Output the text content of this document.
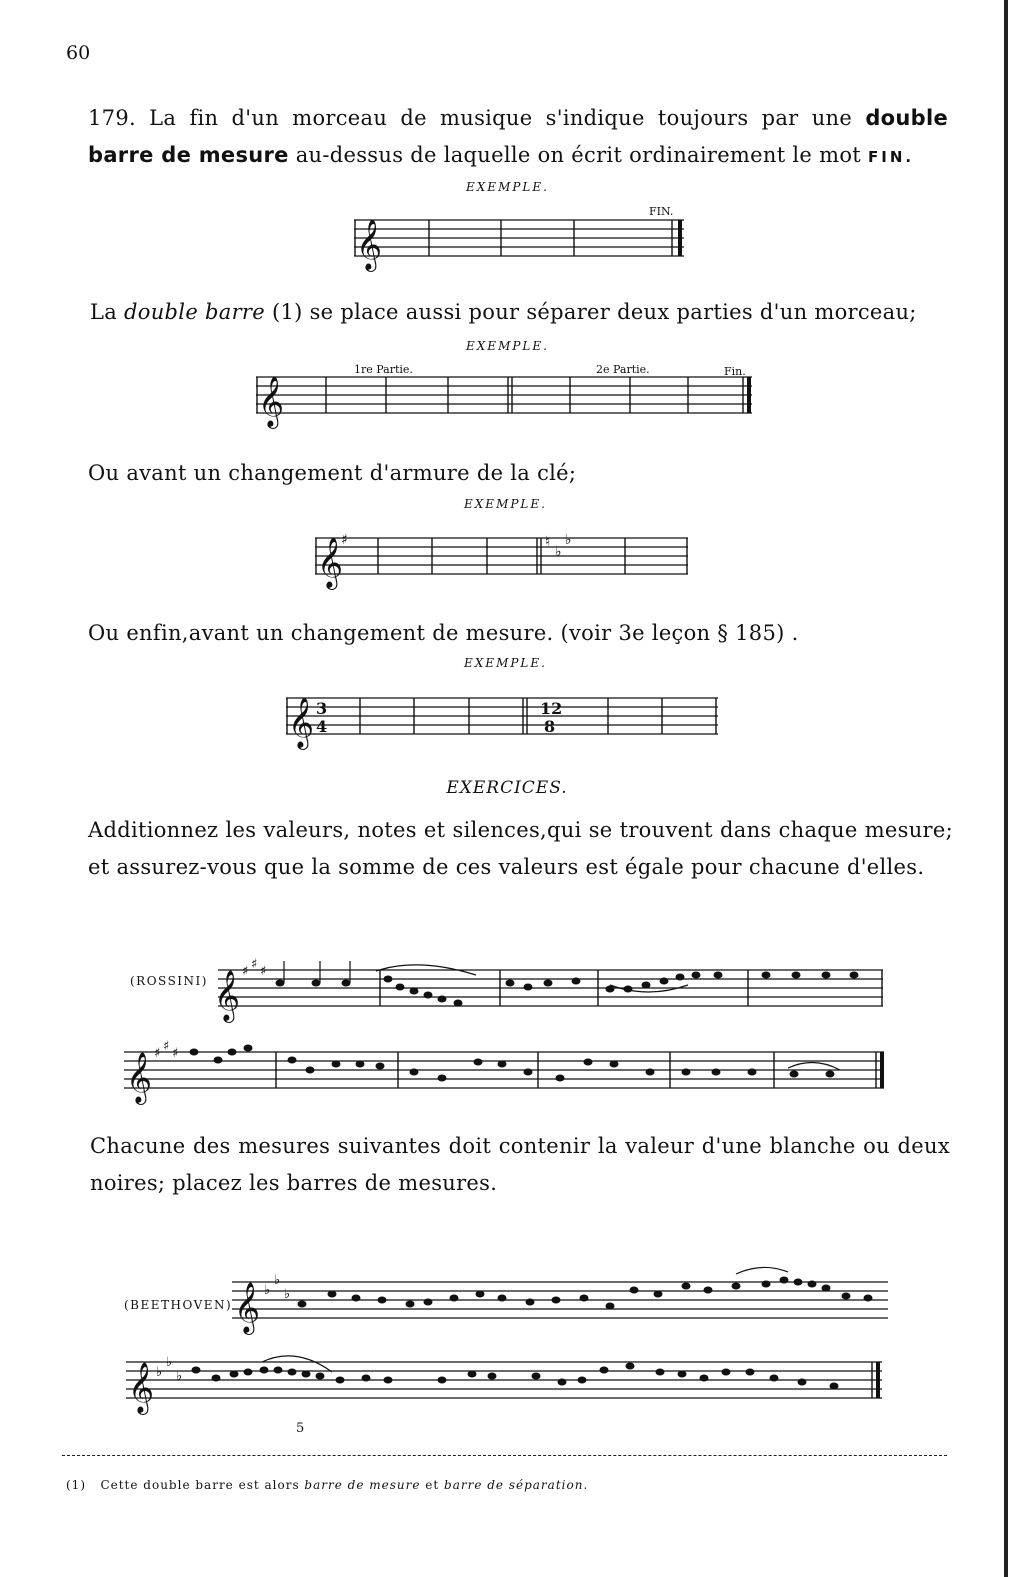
60
179. La fin d'un morceau de musique s'indique toujours par une double barre de mesure au-dessus de laquelle on écrit ordinairement le mot FIN.
EXEMPLE.
𝄞
FIN.
La double barre (1) se place aussi pour séparer deux parties d'un morceau;
EXEMPLE.
𝄞
1re Partie.	2e Partie.	Fin.
Ou avant un changement d'armure de la clé;
EXEMPLE.
𝄞
♯	♮
♭
♭
Ou enfin,avant un changement de mesure. (voir 3e leçon § 185) .
EXEMPLE.
𝄞 3
4
12
8
EXERCICES.
Additionnez les valeurs, notes et silences,qui se trouvent dans chaque mesure; et assurez-vous que la somme de ces valeurs est égale pour chacune d'elles.
(ROSSINI) 𝄞 ♯ ♯ ♯
𝄞 ♯ ♯ ♯
Chacune des mesures suivantes doit contenir la valeur d'une blanche ou deux noires; placez les barres de mesures.
(BEETHOVEN) 𝄞 ♭
♭
♭
𝄞 ♭
♭
♭
5
(1) Cette double barre est alors barre de mesure et barre de séparation.
